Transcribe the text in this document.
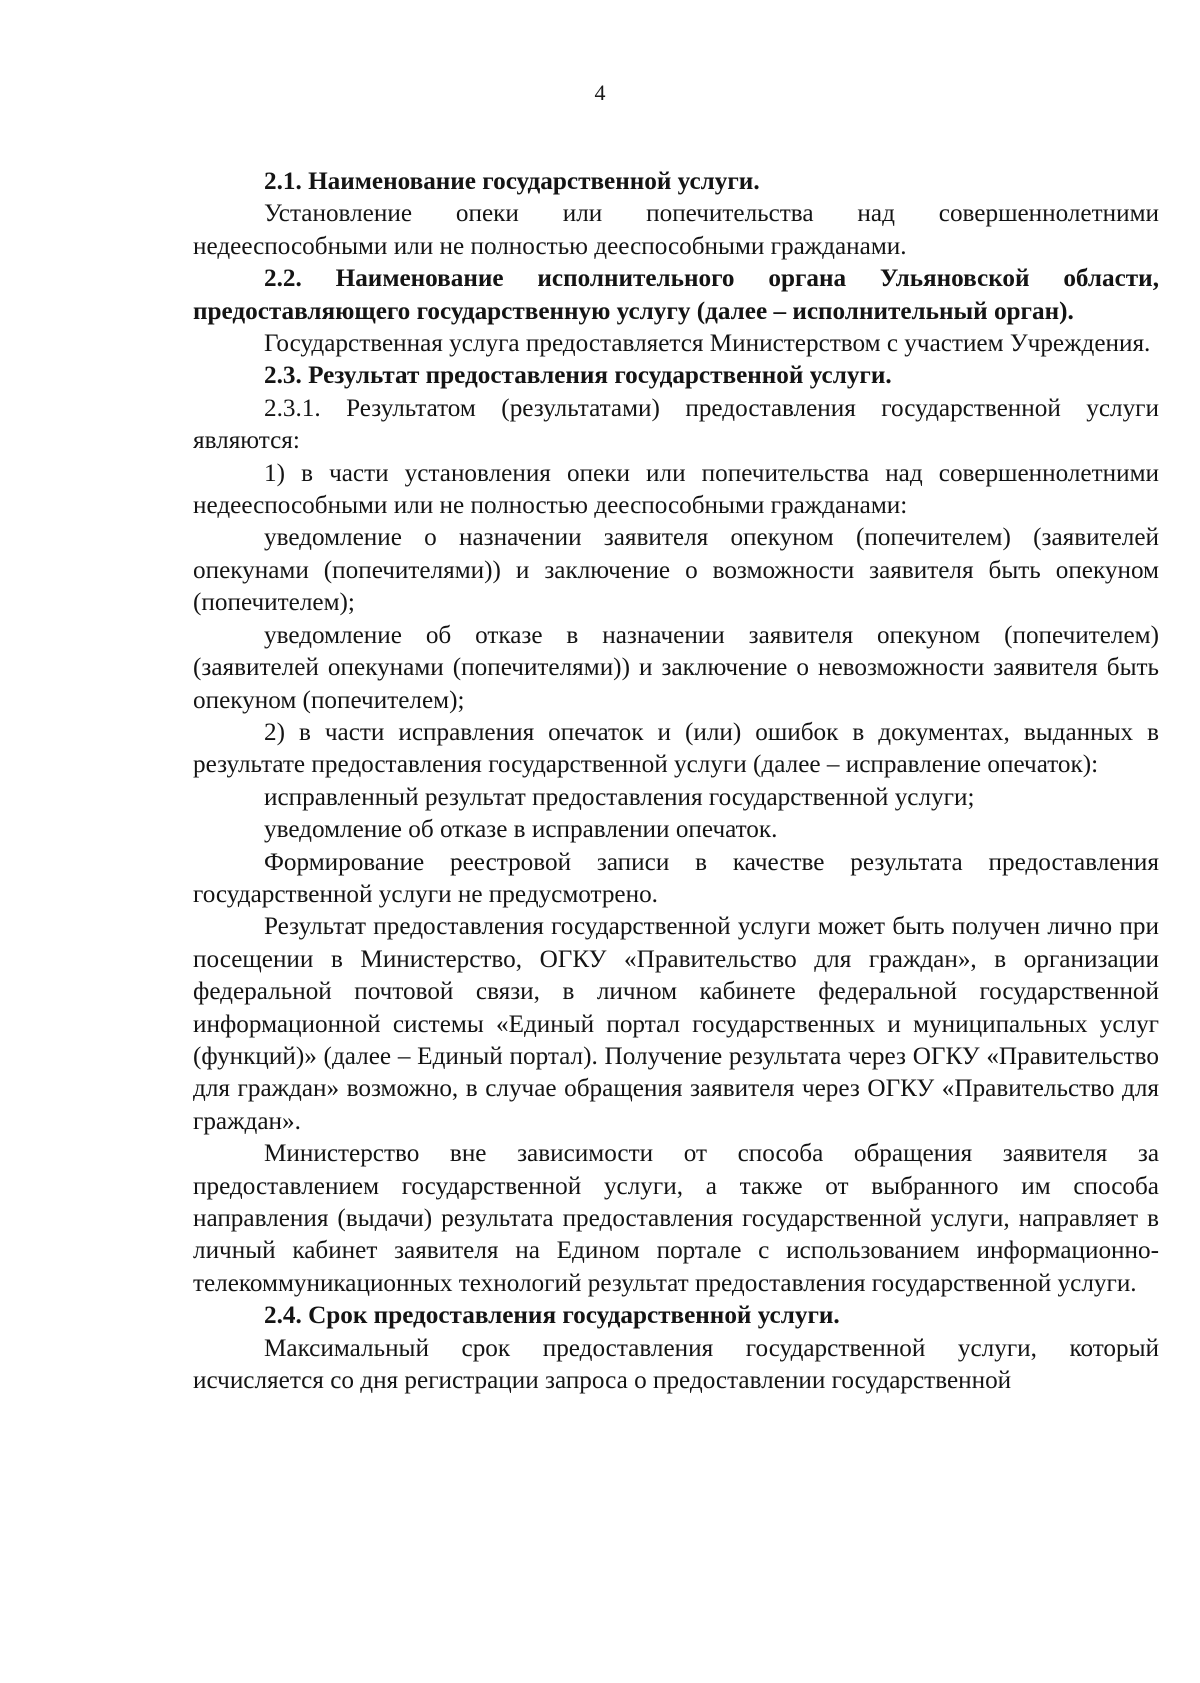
4

2.1. Наименование государственной услуги.

Установление опеки или попечительства над совершеннолетними недееспособными или не полностью дееспособными гражданами.

2.2. Наименование исполнительного органа Ульяновской области, предоставляющего государственную услугу (далее – исполнительный орган).

Государственная услуга предоставляется Министерством с участием Учреждения.

2.3. Результат предоставления государственной услуги.

2.3.1. Результатом (результатами) предоставления государственной услуги являются:

1) в части установления опеки или попечительства над совершеннолетними недееспособными или не полностью дееспособными гражданами:

уведомление о назначении заявителя опекуном (попечителем) (заявителей опекунами (попечителями)) и заключение о возможности заявителя быть опекуном (попечителем);

уведомление об отказе в назначении заявителя опекуном (попечителем) (заявителей опекунами (попечителями)) и заключение о невозможности заявителя быть опекуном (попечителем);

2) в части исправления опечаток и (или) ошибок в документах, выданных в результате предоставления государственной услуги (далее – исправление опечаток):

исправленный результат предоставления государственной услуги;

уведомление об отказе в исправлении опечаток.

Формирование реестровой записи в качестве результата предоставления государственной услуги не предусмотрено.

Результат предоставления государственной услуги может быть получен лично при посещении в Министерство, ОГКУ «Правительство для граждан», в организации федеральной почтовой связи, в личном кабинете федеральной государственной информационной системы «Единый портал государственных и муниципальных услуг (функций)» (далее – Единый портал). Получение результата через ОГКУ «Правительство для граждан» возможно, в случае обращения заявителя через ОГКУ «Правительство для граждан».

Министерство вне зависимости от способа обращения заявителя за предоставлением государственной услуги, а также от выбранного им способа направления (выдачи) результата предоставления государственной услуги, направляет в личный кабинет заявителя на Едином портале с использованием информационно-телекоммуникационных технологий результат предоставления государственной услуги.

2.4. Срок предоставления государственной услуги.

Максимальный срок предоставления государственной услуги, который исчисляется со дня регистрации запроса о предоставлении государственной
